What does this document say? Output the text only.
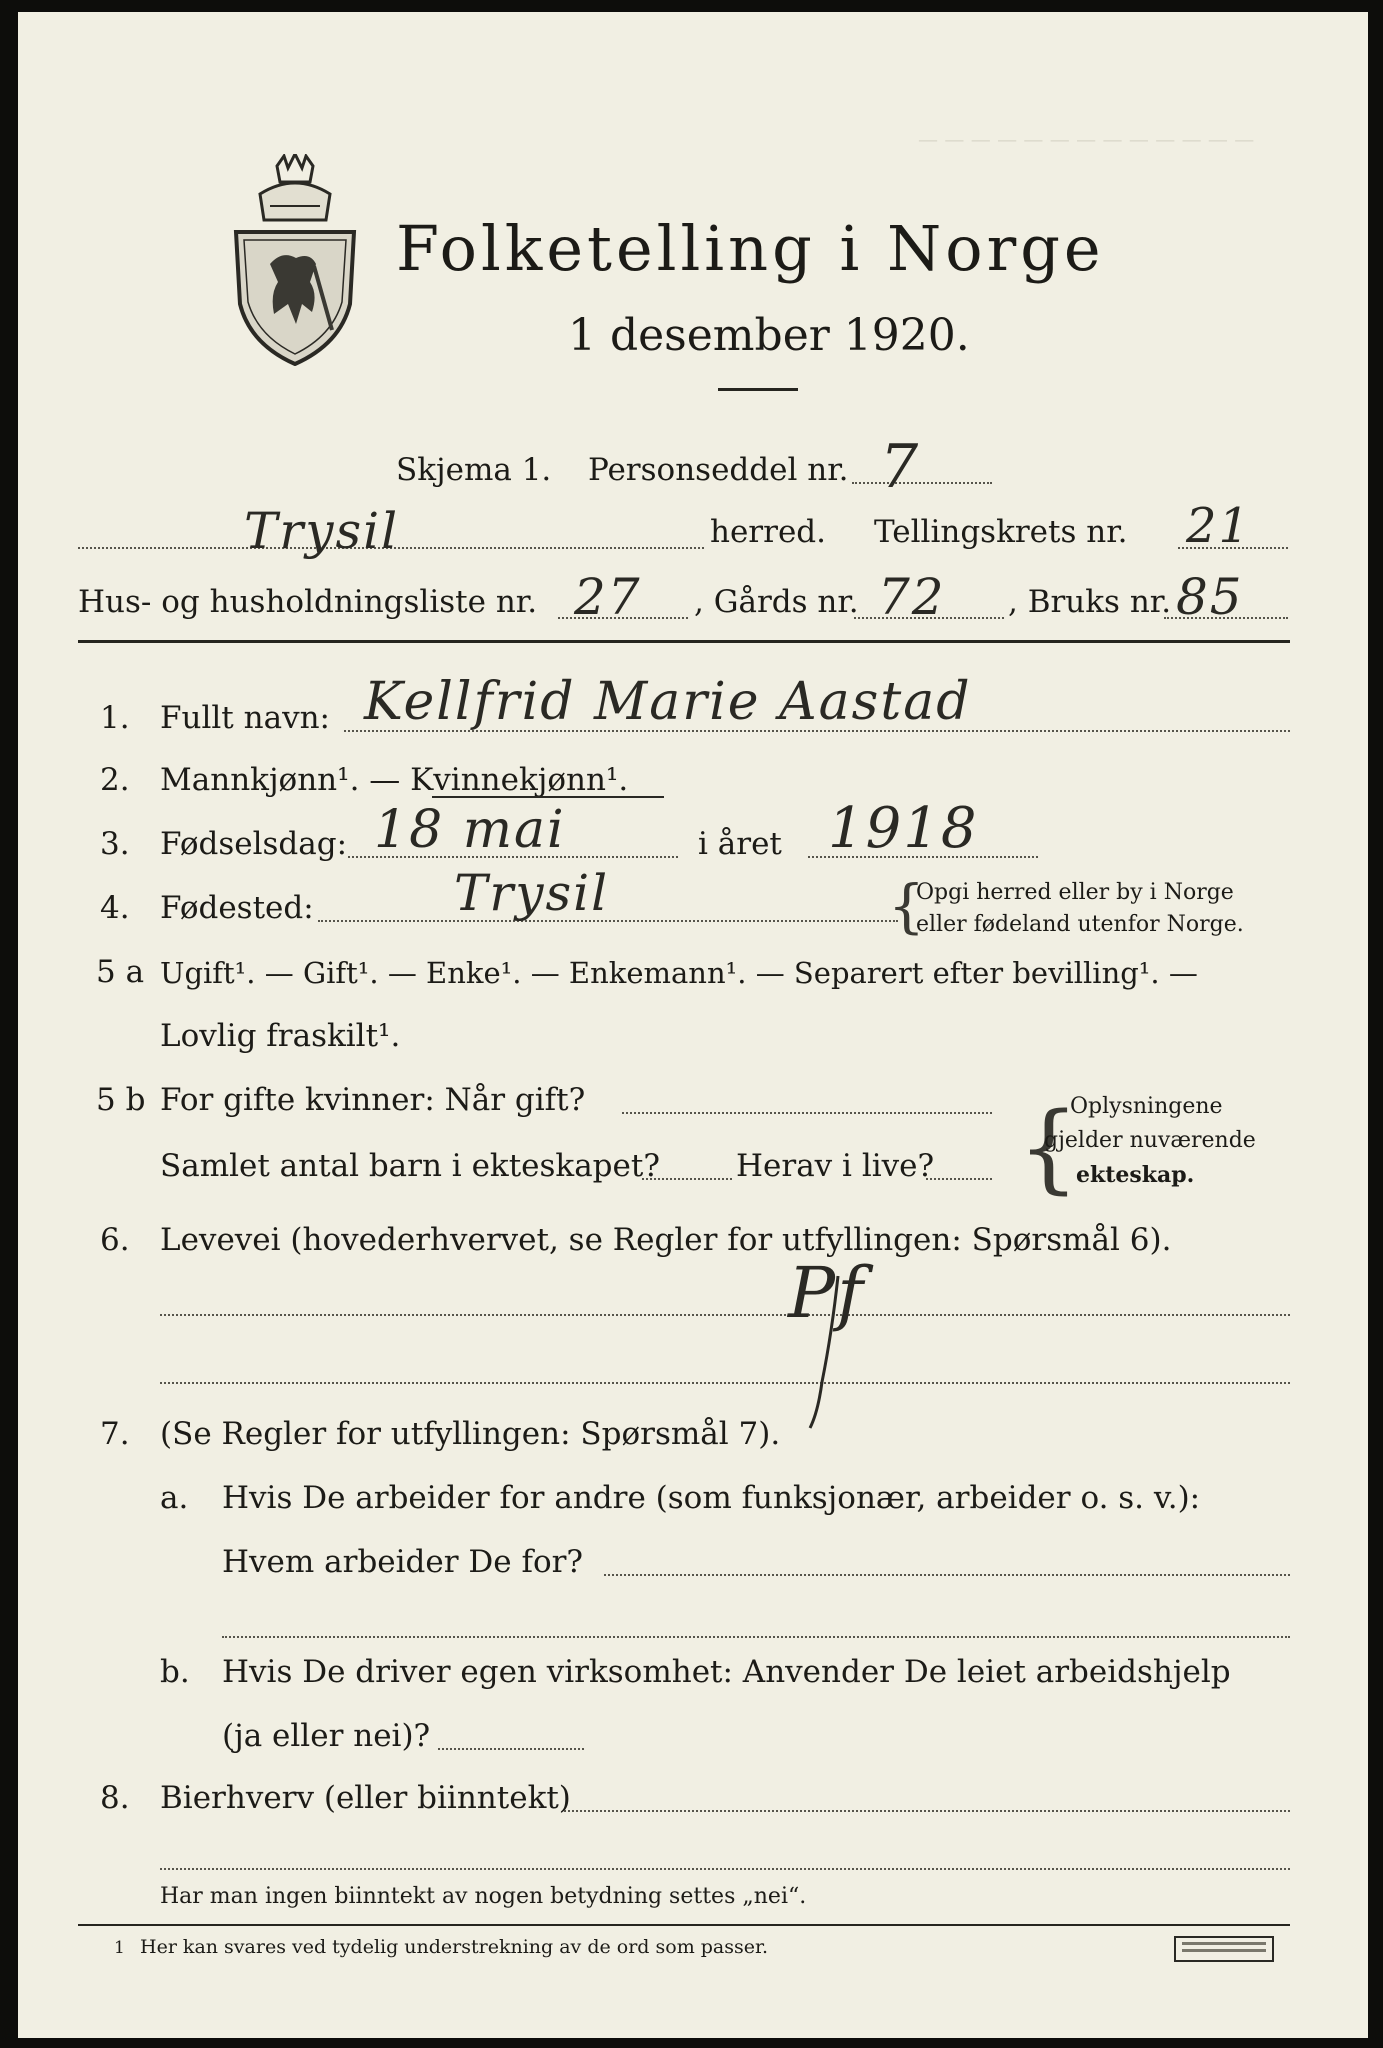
— — — — — — — — — — — — —
Folketelling i Norge
1 desember 1920.
Skjema 1. Personseddel nr. 7
Trysil	herred. Tellingskrets nr. 21
Hus- og husholdningsliste nr. 27 , Gårds nr. 72 , Bruks nr. 85
1. Fullt navn: Kellfrid Marie Aastad
2. Mannkjønn¹. — Kvinnekjønn¹.
3. Fødselsdag: 18 mai	i året 1918
4. Fødested:	Trysil	{
Opgi herred eller by i Norge
eller fødeland utenfor Norge.
5 a Ugift¹. — Gift¹. — Enke¹. — Enkemann¹. — Separert efter bevilling¹. —
Lovlig fraskilt¹.
5 b For gifte kvinner: Når gift?
Samlet antal barn i ekteskapet? Herav i live? {
Oplysningene
gjelder nuværende
ekteskap.
6. Levevei (hovederhvervet, se Regler for utfyllingen: Spørsmål 6).
Pf
7. (Se Regler for utfyllingen: Spørsmål 7).
a. Hvis De arbeider for andre (som funksjonær, arbeider o. s. v.):
Hvem arbeider De for?
b. Hvis De driver egen virksomhet: Anvender De leiet arbeidshjelp
(ja eller nei)?
8. Bierhverv (eller biinntekt)
Har man ingen biinntekt av nogen betydning settes „nei“.
1 Her kan svares ved tydelig understrekning av de ord som passer.
